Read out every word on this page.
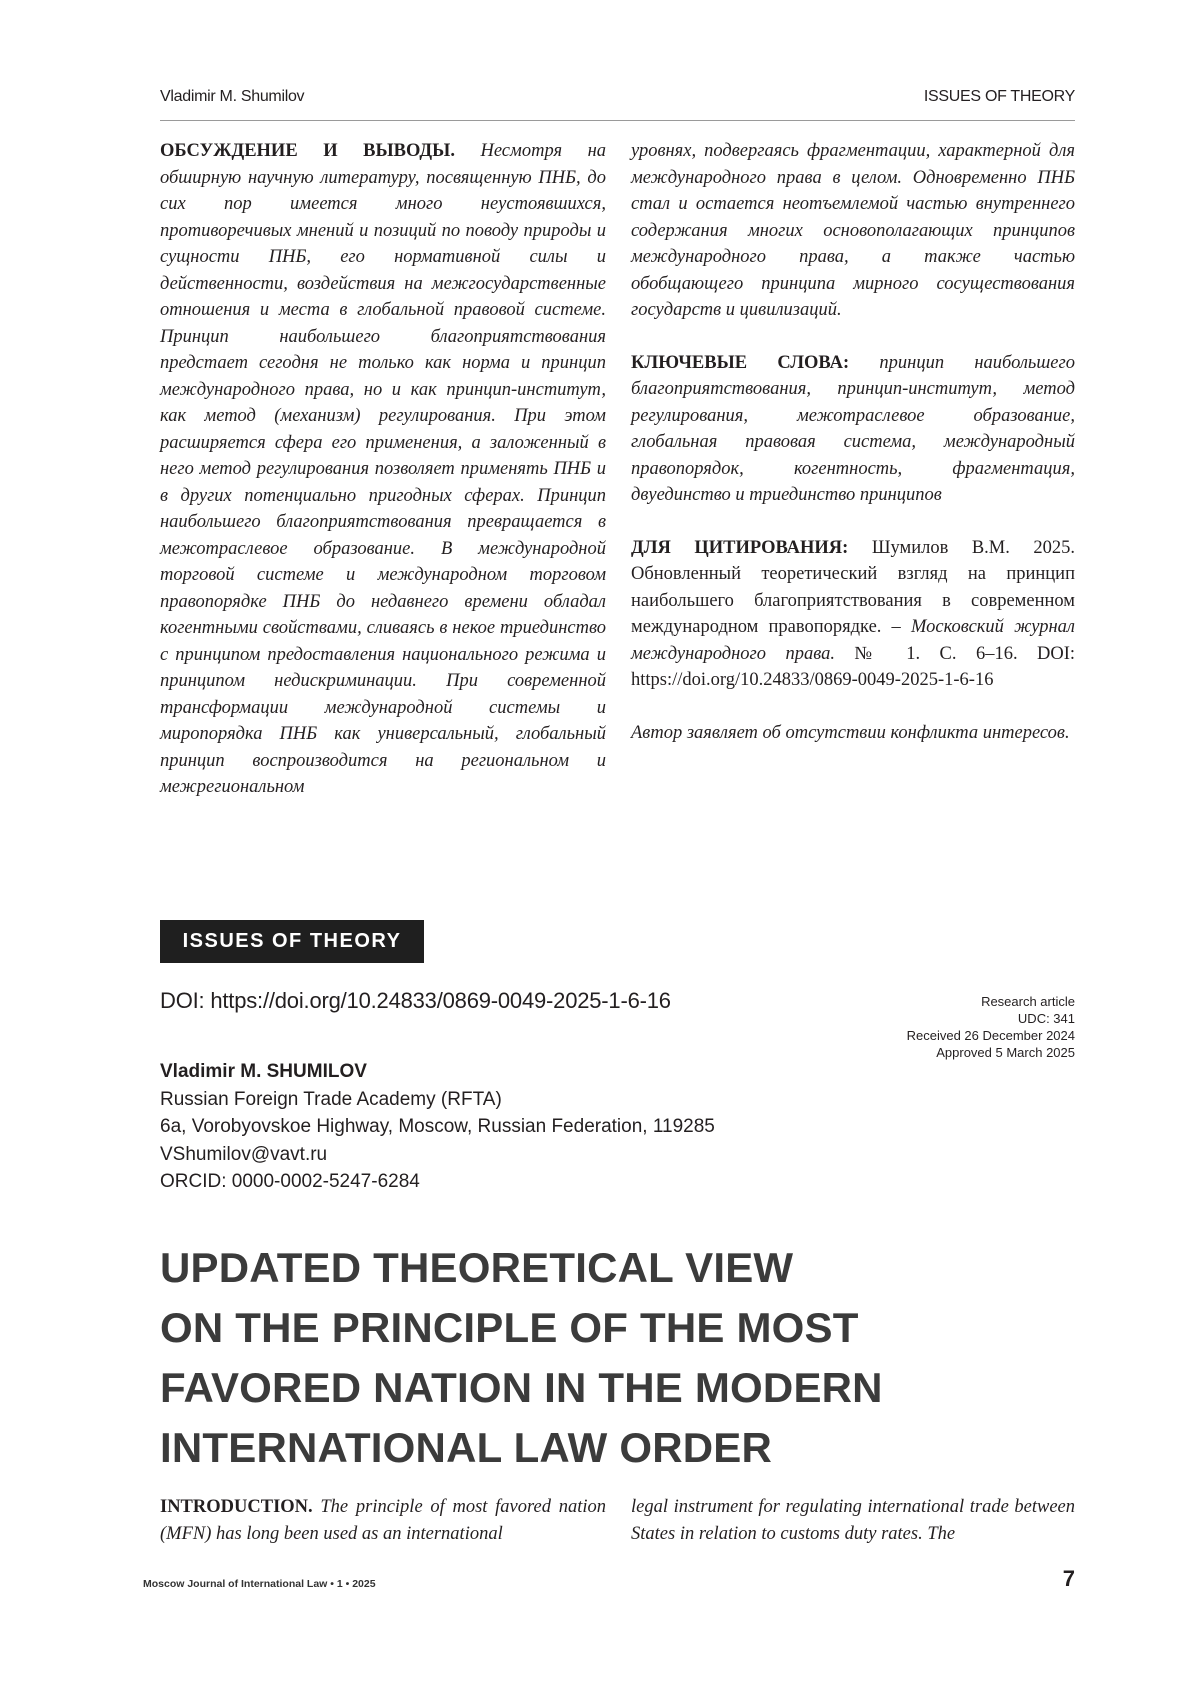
Vladimir M. Shumilov	ISSUES OF THEORY

ОБСУЖДЕНИЕ И ВЫВОДЫ. Несмотря на обширную научную литературу, посвященную ПНБ, до сих пор имеется много неустоявшихся, противоречивых мнений и позиций по поводу природы и сущности ПНБ, его нормативной силы и действенности, воздействия на межгосударственные отношения и места в глобальной правовой системе. Принцип наибольшего благоприятствования предстает сегодня не только как норма и принцип международного права, но и как принцип-институт, как метод (механизм) регулирования. При этом расширяется сфера его применения, а заложенный в него метод регулирования позволяет применять ПНБ и в других потенциально пригодных сферах. Принцип наибольшего благоприятствования превращается в межотраслевое образование. В международной торговой системе и международном торговом правопорядке ПНБ до недавнего времени обладал когентными свойствами, сливаясь в некое триединство с принципом предоставления национального режима и принципом недискриминации. При современной трансформации международной системы и миропорядка ПНБ как универсальный, глобальный принцип воспроизводится на региональном и межрегиональном

уровнях, подвергаясь фрагментации, характерной для международного права в целом. Одновременно ПНБ стал и остается неотъемлемой частью внутреннего содержания многих основополагающих принципов международного права, а также частью обобщающего принципа мирного сосуществования государств и цивилизаций.

КЛЮЧЕВЫЕ СЛОВА: принцип наибольшего благоприятствования, принцип-институт, метод регулирования, межотраслевое образование, глобальная правовая система, международный правопорядок, когентность, фрагментация, двуединство и триединство принципов

ДЛЯ ЦИТИРОВАНИЯ: Шумилов В.М. 2025. Обновленный теоретический взгляд на принцип наибольшего благоприятствования в современном международном правопорядке. – Московский журнал международного права. № 1. С. 6–16. DOI: https://doi.org/10.24833/0869-0049-2025-1-6-16

Автор заявляет об отсутствии конфликта интересов.

ISSUES OF THEORY
DOI: https://doi.org/10.24833/0869-0049-2025-1-6-16	Research article
UDC: 341
Received 26 December 2024
Approved 5 March 2025
Vladimir M. SHUMILOV
Russian Foreign Trade Academy (RFTA)
6a, Vorobyovskoe Highway, Moscow, Russian Federation, 119285
VShumilov@vavt.ru
ORCID: 0000-0002-5247-6284
UPDATED THEORETICAL VIEW
ON THE PRINCIPLE OF THE MOST
FAVORED NATION IN THE MODERN
INTERNATIONAL LAW ORDER

INTRODUCTION. The principle of most favored nation (MFN) has long been used as an international

legal instrument for regulating international trade between States in relation to customs duty rates. The

Moscow Journal of International Law • 1 • 2025	7
